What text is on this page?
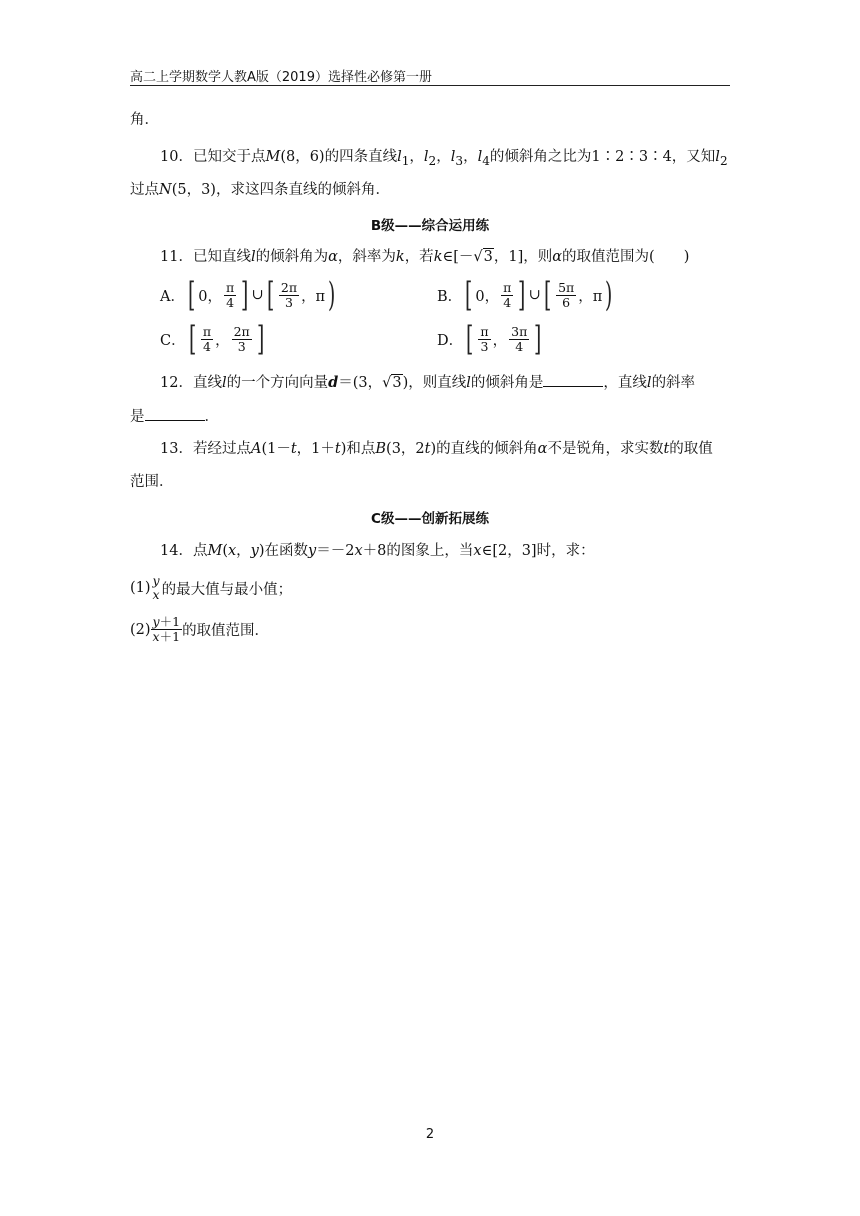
高二上学期数学人教A版（2019）选择性必修第一册
角．
10．已知交于点M(8，6)的四条直线$l_1$，$l_2$，$l_3$，$l_4$的倾斜角之比为1∶2∶3∶4，又知$l_2$
过点N(5，3)，求这四条直线的倾斜角．
B级——综合运用练
11．已知直线l的倾斜角为α，斜率为k，若k∈[－√3，1]，则α的取值范围为(　　)
A． [ 0， $\frac{\pi}{4}$ ] ∪ [ $\frac{2\pi}{3}$ ，π )	B． [ 0， $\frac{\pi}{4}$ ] ∪ [ $\frac{5\pi}{6}$ ，π )
C． [ $\frac{\pi}{4}$ ， $\frac{2\pi}{3}$ ]	D． [ $\frac{\pi}{3}$ ， $\frac{3\pi}{4}$ ]
12．直线l的一个方向向量d＝(3，√3)，则直线l的倾斜角是	，直线l的斜率
是	．
13．若经过点A(1－t，1＋t)和点B(3，2t)的直线的倾斜角α不是锐角，求实数t的取值
范围．
C级——创新拓展练
14．点M(x，y)在函数y＝－2x＋8的图象上，当x∈[2，3]时，求：
(1) y
x 的最大值与最小值；
$(2) \frac{y+1}{x+1}$ 的取值范围．
2
